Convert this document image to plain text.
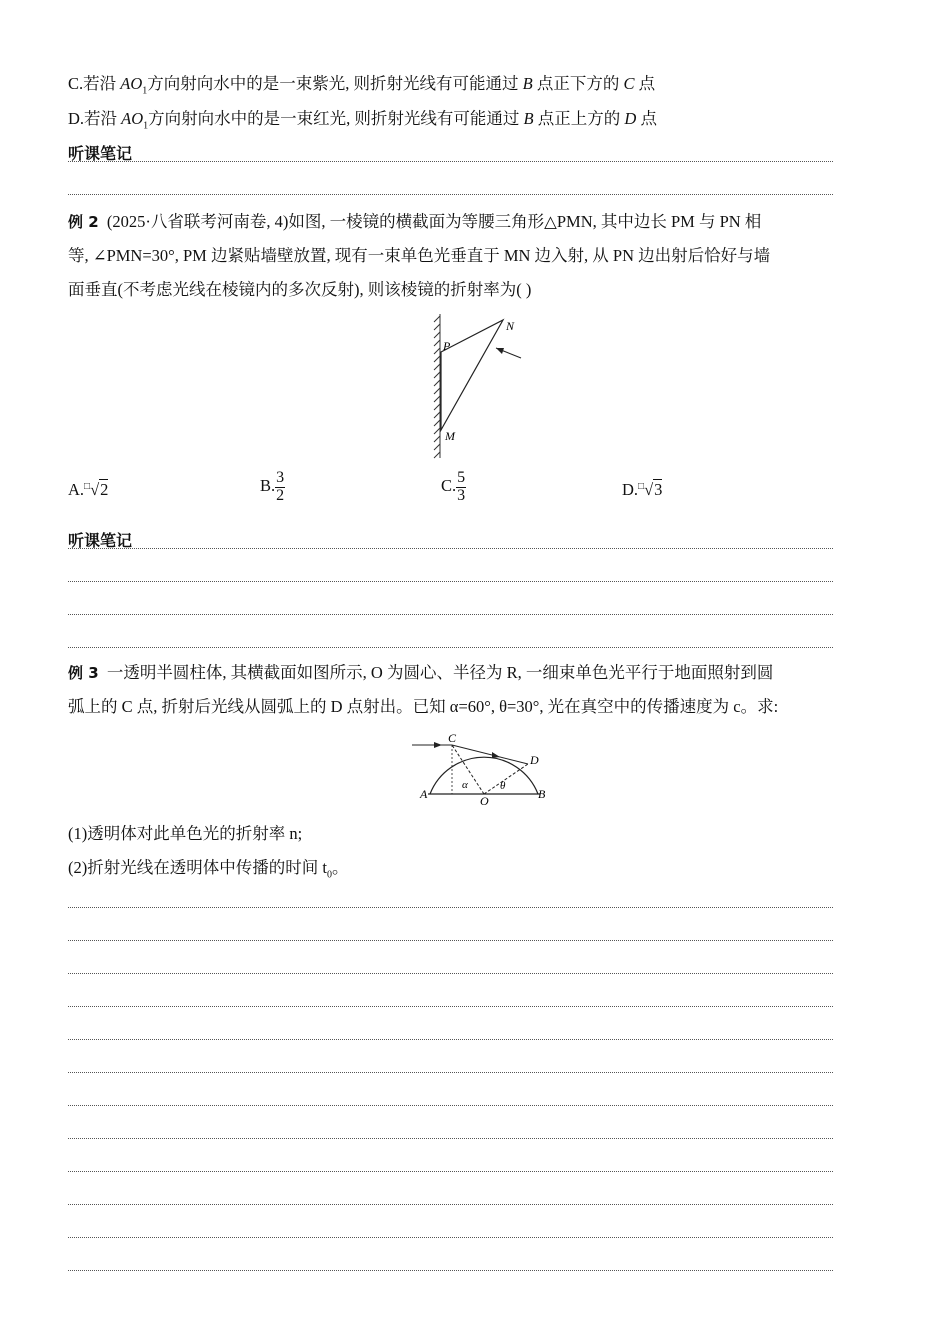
C.若沿 $AO_1$方向射向水中的是一束紫光, 则折射光线有可能通过 B 点正下方的 C 点
D.若沿 $AO_1$方向射向水中的是一束红光, 则折射光线有可能通过 B 点正上方的 D 点
听课笔记
例 2 (2025·八省联考河南卷, 4)如图, 一棱镜的横截面为等腰三角形△PMN, 其中边长 PM 与 PN 相
等, ∠PMN=30°, PM 边紧贴墙壁放置, 现有一束单色光垂直于 MN 边入射, 从 PN 边出射后恰好与墙
面垂直(不考虑光线在棱镜内的多次反射), 则该棱镜的折射率为( )
P
N
M
A.□√2	B. $\frac{3}{2}$	C. $\frac{5}{3}$	D.□√3
听课笔记
例 3 一透明半圆柱体, 其横截面如图所示, O 为圆心、半径为 R, 一细束单色光平行于地面照射到圆
弧上的 C 点, 折射后光线从圆弧上的 D 点射出。已知 α=60°, θ=30°, 光在真空中的传播速度为 c。求:
C
D
A	O	B
α	θ
(1)透明体对此单色光的折射率 n;
(2)折射光线在透明体中传播的时间 $t_0$。
